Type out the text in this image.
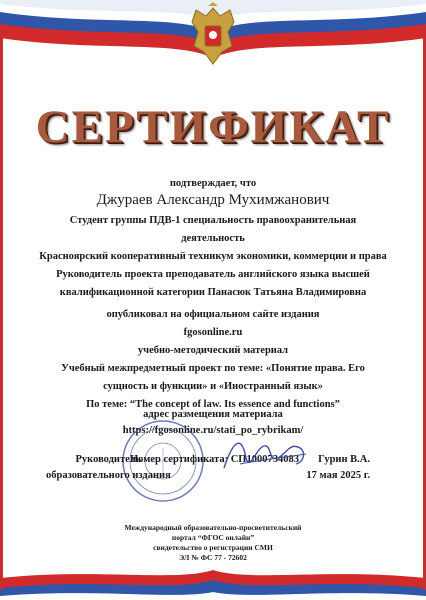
СЕРТИФИКАТ
подтверждает, что
Джураев Александр Мухимжанович
Студент группы ПДВ-1 специальность правоохранительная
деятельность
Красноярский кооперативный техникум экономики, коммерции и права
Руководитель проекта преподаватель английского языка высшей
квалификационной категории Панасюк Татьяна Владимировна
опубликовал на официальном сайте издания
fgosonline.ru
учебно-методический материал
Учебный межпредметный проект по теме: «Понятие права. Его
сущность и функции» и «Иностранный язык»
По теме: “The concept of law. Its essence and functions”
адрес размещения материала
https://fgosonline.ru/stati_po_rybrikam/
Руководитель
образовательного издания
Номер сертификата: СП1000734083	Гурин В.А.
17 мая 2025 г.
Международный образовательно-просветительский
портал “ФГОС онлайн”
свидетельство о регистрации СМИ
ЭЛ № ФС 77 - 72602
